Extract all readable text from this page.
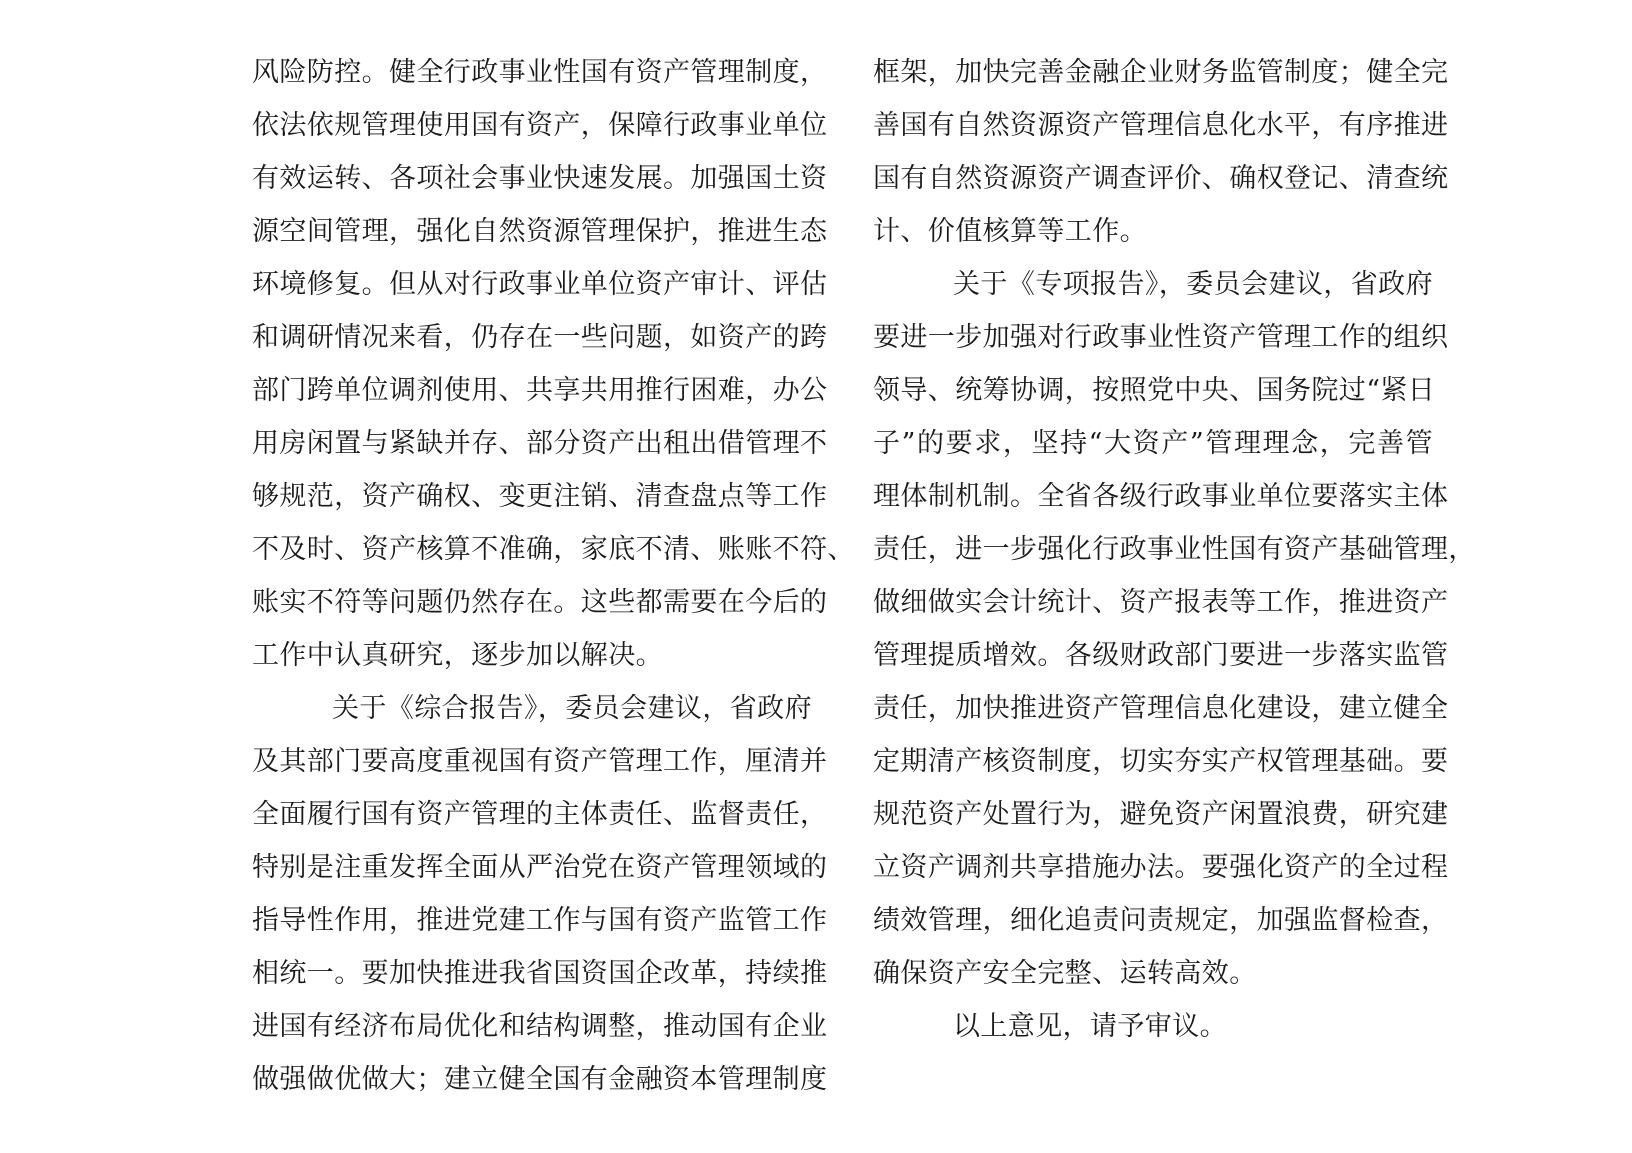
风险防控。健全行政事业性国有资产管理制度，
依法依规管理使用国有资产，保障行政事业单位
有效运转、各项社会事业快速发展。加强国土资
源空间管理，强化自然资源管理保护，推进生态
环境修复。但从对行政事业单位资产审计、评估
和调研情况来看，仍存在一些问题，如资产的跨
部门跨单位调剂使用、共享共用推行困难，办公
用房闲置与紧缺并存、部分资产出租出借管理不
够规范，资产确权、变更注销、清查盘点等工作
不及时、资产核算不准确，家底不清、账账不符、
账实不符等问题仍然存在。这些都需要在今后的
工作中认真研究，逐步加以解决。
关于《综合报告》，委员会建议，省政府
及其部门要高度重视国有资产管理工作，厘清并
全面履行国有资产管理的主体责任、监督责任，
特别是注重发挥全面从严治党在资产管理领域的
指导性作用，推进党建工作与国有资产监管工作
相统一。要加快推进我省国资国企改革，持续推
进国有经济布局优化和结构调整，推动国有企业
做强做优做大；建立健全国有金融资本管理制度
框架，加快完善金融企业财务监管制度；健全完
善国有自然资源资产管理信息化水平，有序推进
国有自然资源资产调查评价、确权登记、清查统
计、价值核算等工作。
关于《专项报告》，委员会建议，省政府
要进一步加强对行政事业性资产管理工作的组织
领导、统筹协调，按照党中央、国务院过“紧日
子”的要求，坚持“大资产”管理理念，完善管
理体制机制。全省各级行政事业单位要落实主体
责任，进一步强化行政事业性国有资产基础管理，
做细做实会计统计、资产报表等工作，推进资产
管理提质增效。各级财政部门要进一步落实监管
责任，加快推进资产管理信息化建设，建立健全
定期清产核资制度，切实夯实产权管理基础。要
规范资产处置行为，避免资产闲置浪费，研究建
立资产调剂共享措施办法。要强化资产的全过程
绩效管理，细化追责问责规定，加强监督检查，
确保资产安全完整、运转高效。
以上意见，请予审议。
